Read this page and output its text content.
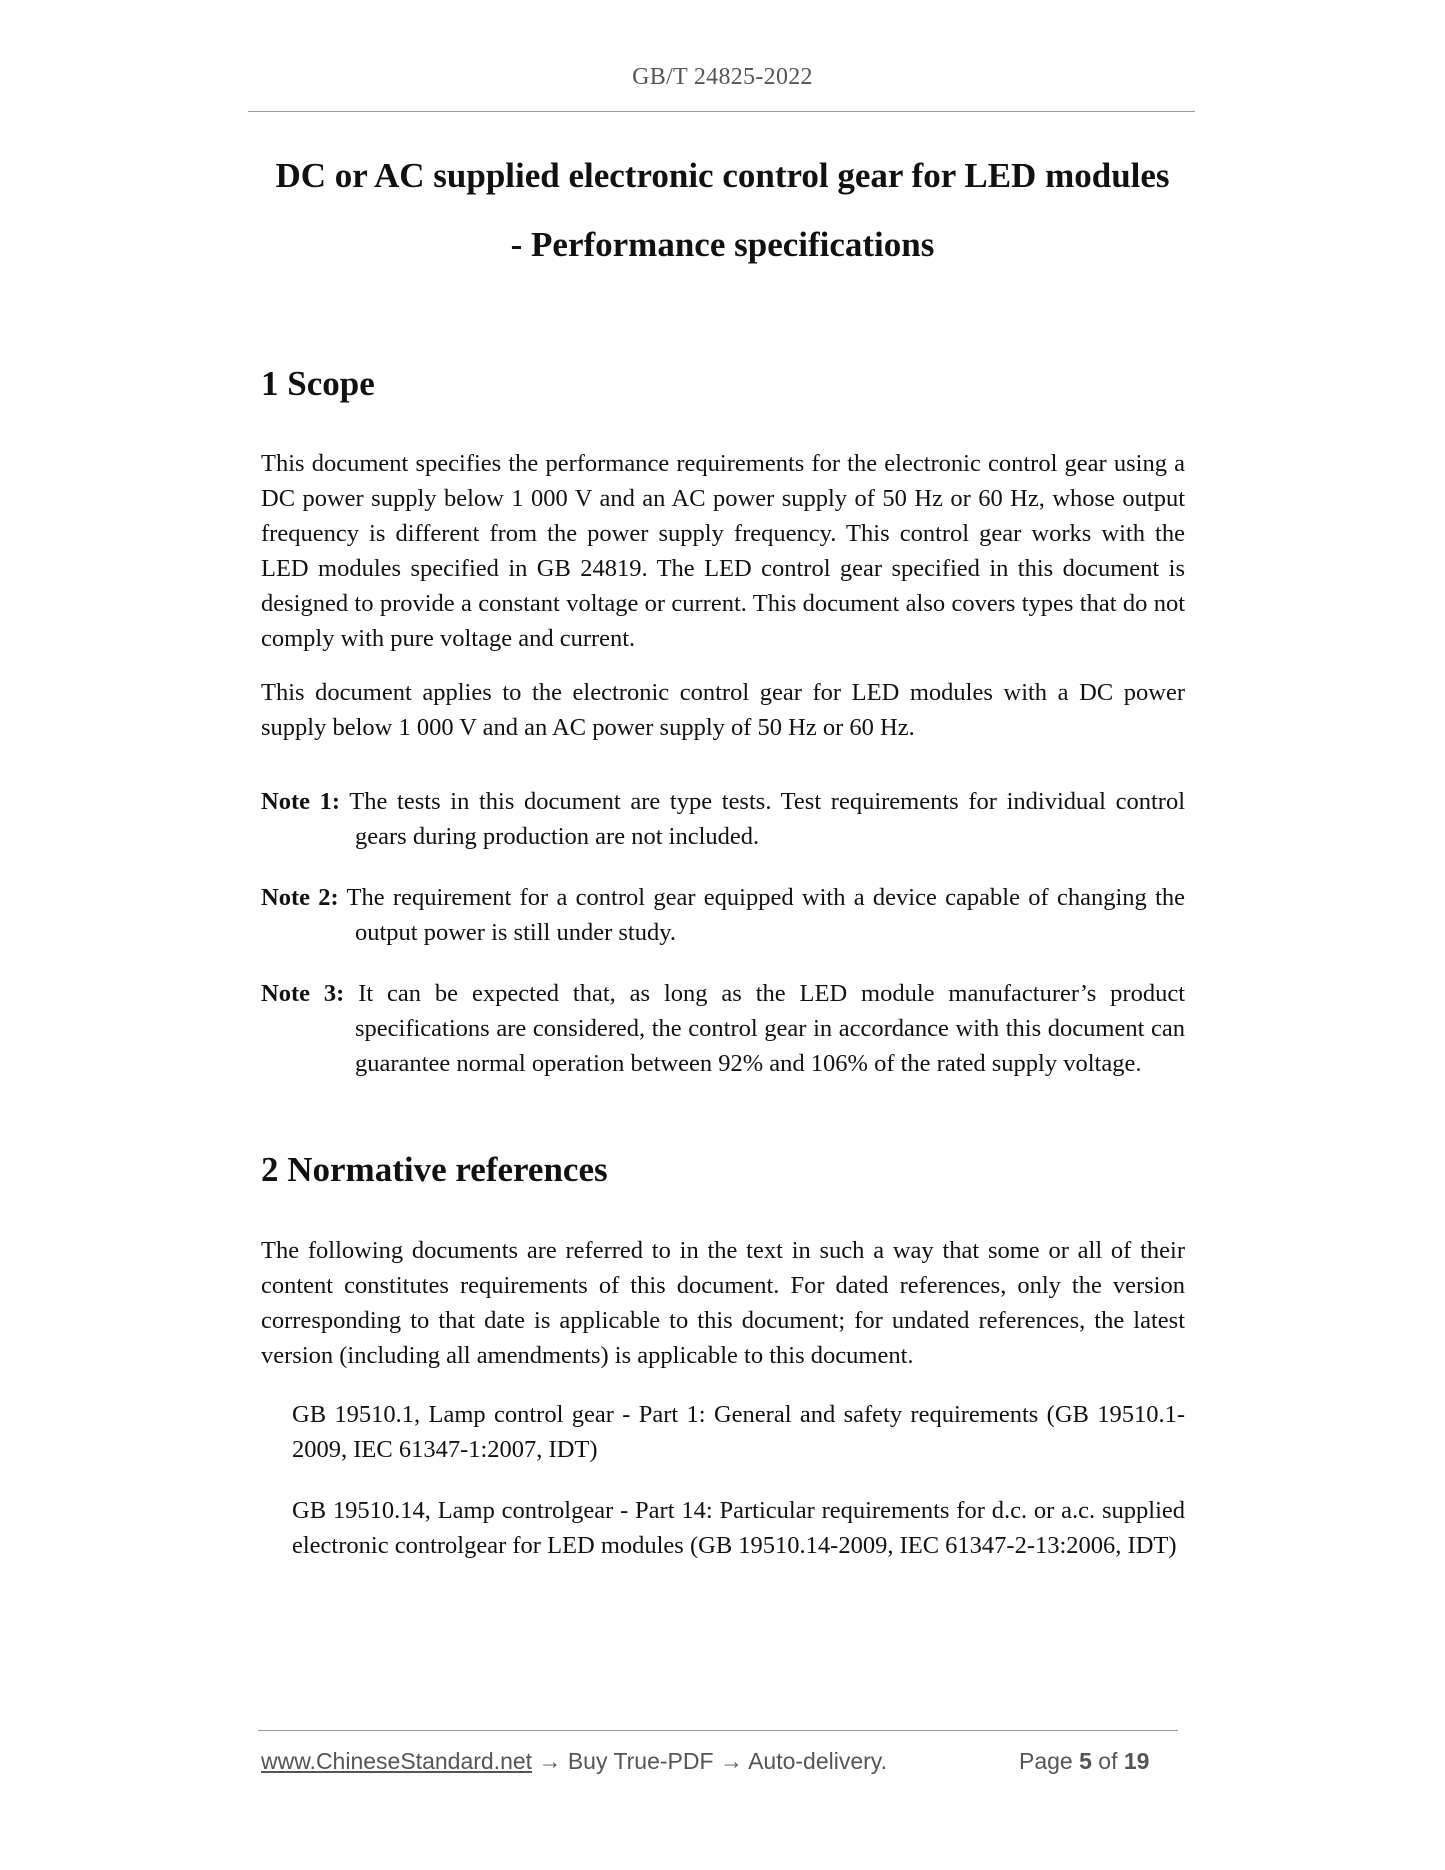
GB/T 24825-2022
DC or AC supplied electronic control gear for LED modules
- Performance specifications
1 Scope
This document specifies the performance requirements for the electronic control gear using a DC power supply below 1 000 V and an AC power supply of 50 Hz or 60 Hz, whose output frequency is different from the power supply frequency. This control gear works with the LED modules specified in GB 24819. The LED control gear specified in this document is designed to provide a constant voltage or current. This document also covers types that do not comply with pure voltage and current.
This document applies to the electronic control gear for LED modules with a DC power supply below 1 000 V and an AC power supply of 50 Hz or 60 Hz.
Note 1: The tests in this document are type tests. Test requirements for individual control gears during production are not included.
Note 2: The requirement for a control gear equipped with a device capable of changing the output power is still under study.
Note 3: It can be expected that, as long as the LED module manufacturer’s product specifications are considered, the control gear in accordance with this document can guarantee normal operation between 92% and 106% of the rated supply voltage.
2 Normative references
The following documents are referred to in the text in such a way that some or all of their content constitutes requirements of this document. For dated references, only the version corresponding to that date is applicable to this document; for undated references, the latest version (including all amendments) is applicable to this document.
GB 19510.1, Lamp control gear - Part 1: General and safety requirements (GB 19510.1-2009, IEC 61347-1:2007, IDT)
GB 19510.14, Lamp controlgear - Part 14: Particular requirements for d.c. or a.c. supplied electronic controlgear for LED modules (GB 19510.14-2009, IEC 61347-2-13:2006, IDT)
www.ChineseStandard.net → Buy True-PDF → Auto-delivery.	Page 5 of 19
